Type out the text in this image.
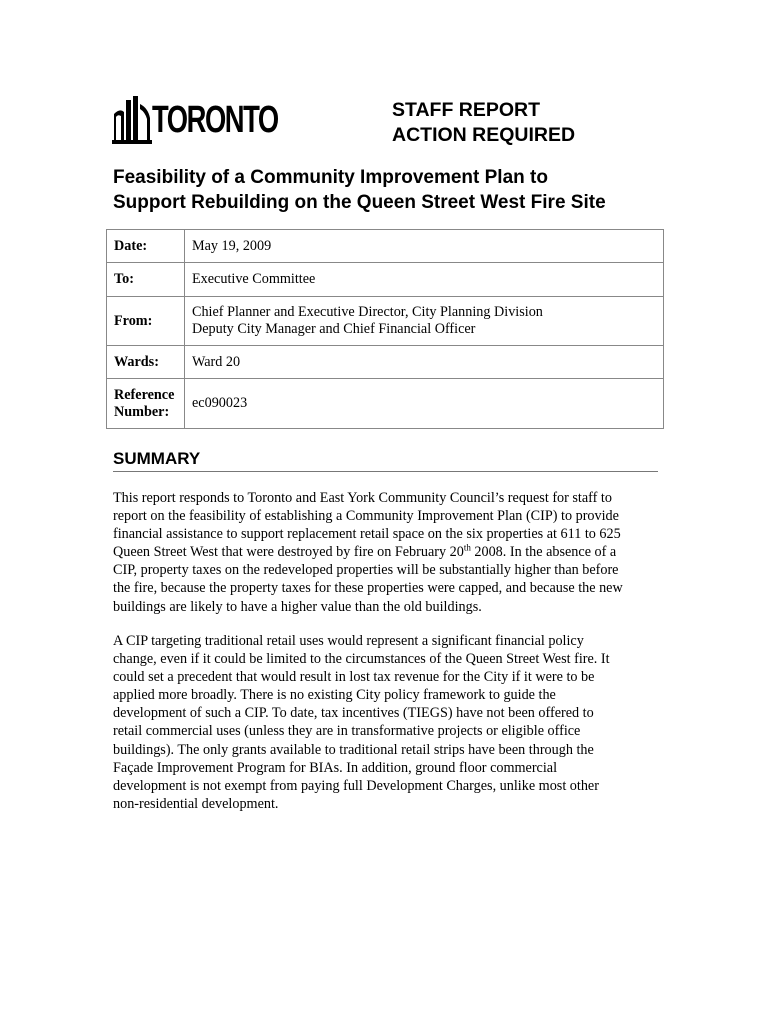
TORONTO	STAFF REPORT
ACTION REQUIRED
Feasibility of a Community Improvement Plan to
Support Rebuilding on the Queen Street West Fire Site
Date:	May 19, 2009
To:	Executive Committee
From:	Chief Planner and Executive Director, City Planning Division
Deputy City Manager and Chief Financial Officer

Wards:	Ward 20

Reference
Number:	ec090023
SUMMARY
This report responds to Toronto and East York Community Council’s request for staff to
report on the feasibility of establishing a Community Improvement Plan (CIP) to provide
financial assistance to support replacement retail space on the six properties at 611 to 625
Queen Street West that were destroyed by fire on February 20th 2008. In the absence of a
CIP, property taxes on the redeveloped properties will be substantially higher than before
the fire, because the property taxes for these properties were capped, and because the new
buildings are likely to have a higher value than the old buildings.
A CIP targeting traditional retail uses would represent a significant financial policy
change, even if it could be limited to the circumstances of the Queen Street West fire. It
could set a precedent that would result in lost tax revenue for the City if it were to be
applied more broadly. There is no existing City policy framework to guide the
development of such a CIP. To date, tax incentives (TIEGS) have not been offered to
retail commercial uses (unless they are in transformative projects or eligible office
buildings). The only grants available to traditional retail strips have been through the
Façade Improvement Program for BIAs. In addition, ground floor commercial
development is not exempt from paying full Development Charges, unlike most other
non-residential development.
